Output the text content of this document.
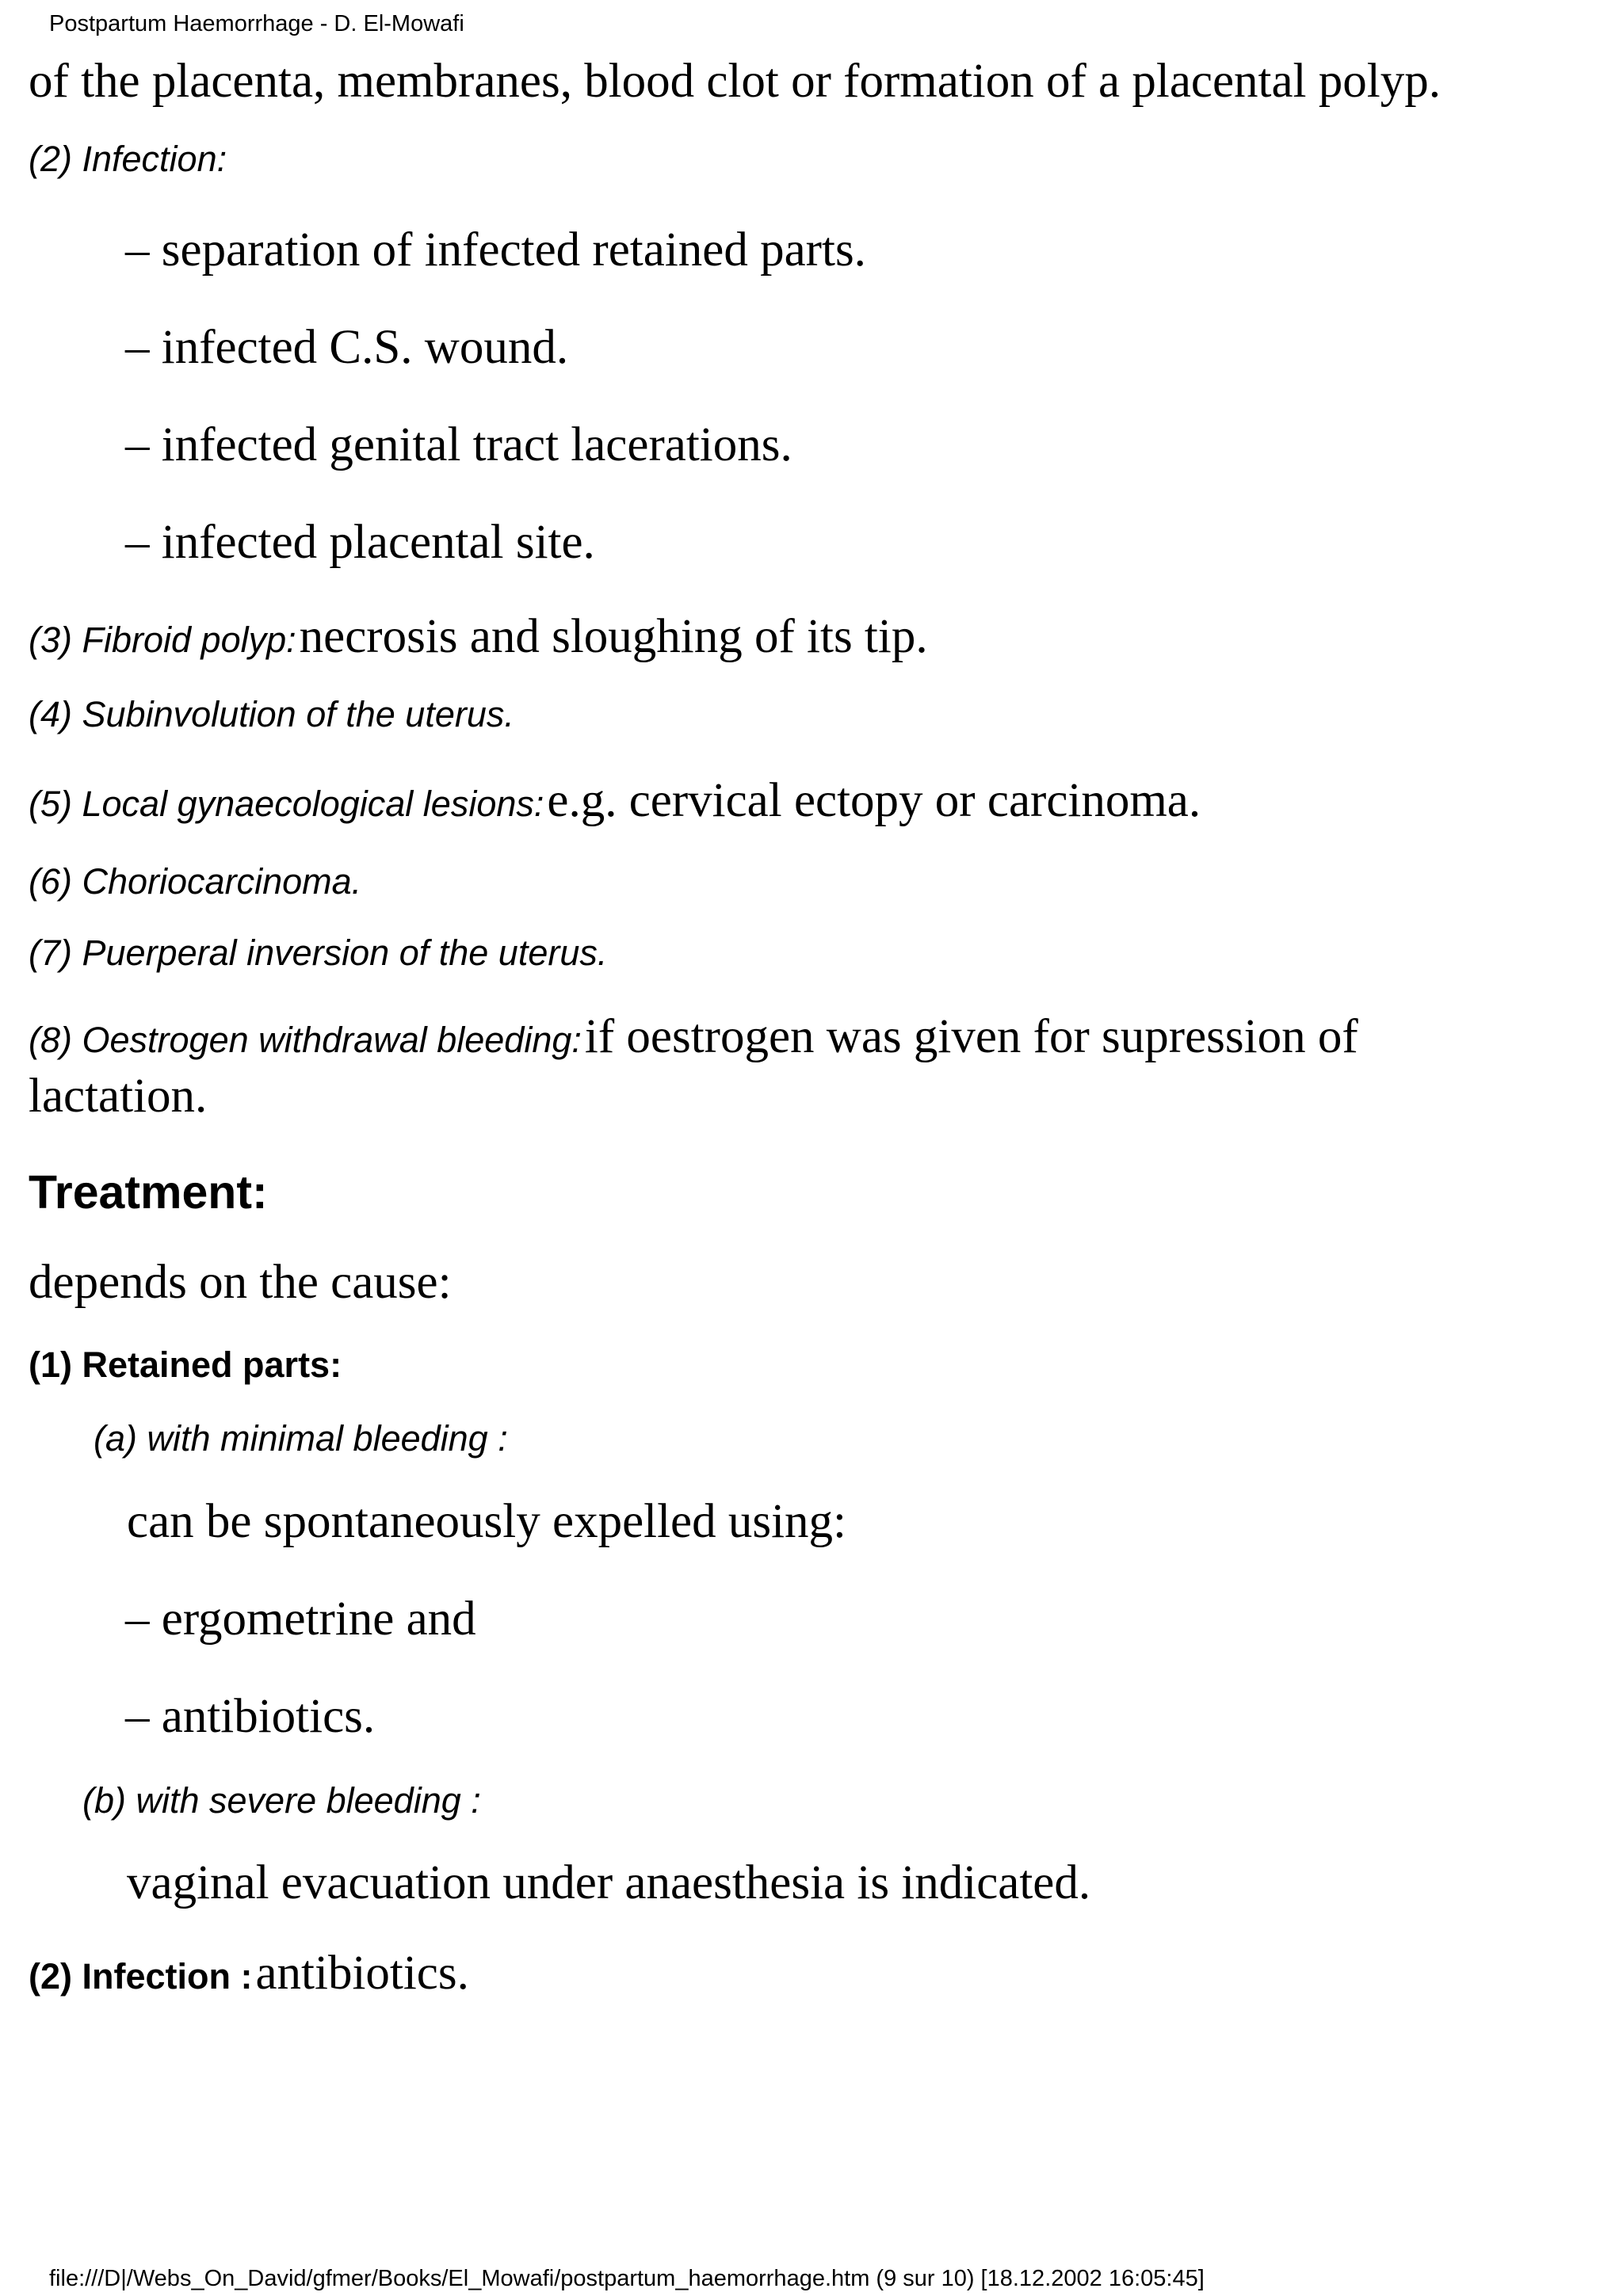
Postpartum Haemorrhage - D. El-Mowafi
of the placenta, membranes, blood clot or formation of a placental polyp.
(2) Infection:
– separation of infected retained parts.
– infected C.S. wound.
– infected genital tract lacerations.
– infected placental site.
(3) Fibroid polyp: necrosis and sloughing of its tip.
(4) Subinvolution of the uterus.
(5) Local gynaecological lesions: e.g. cervical ectopy or carcinoma.
(6) Choriocarcinoma.
(7) Puerperal inversion of the uterus.
(8) Oestrogen withdrawal bleeding: if oestrogen was given for supression of
lactation.
Treatment:
depends on the cause:
(1) Retained parts:
(a) with minimal bleeding :
can be spontaneously expelled using:
– ergometrine and
– antibiotics.
(b) with severe bleeding :
vaginal evacuation under anaesthesia is indicated.
(2) Infection : antibiotics.
file:///D|/Webs_On_David/gfmer/Books/El_Mowafi/postpartum_haemorrhage.htm (9 sur 10) [18.12.2002 16:05:45]
